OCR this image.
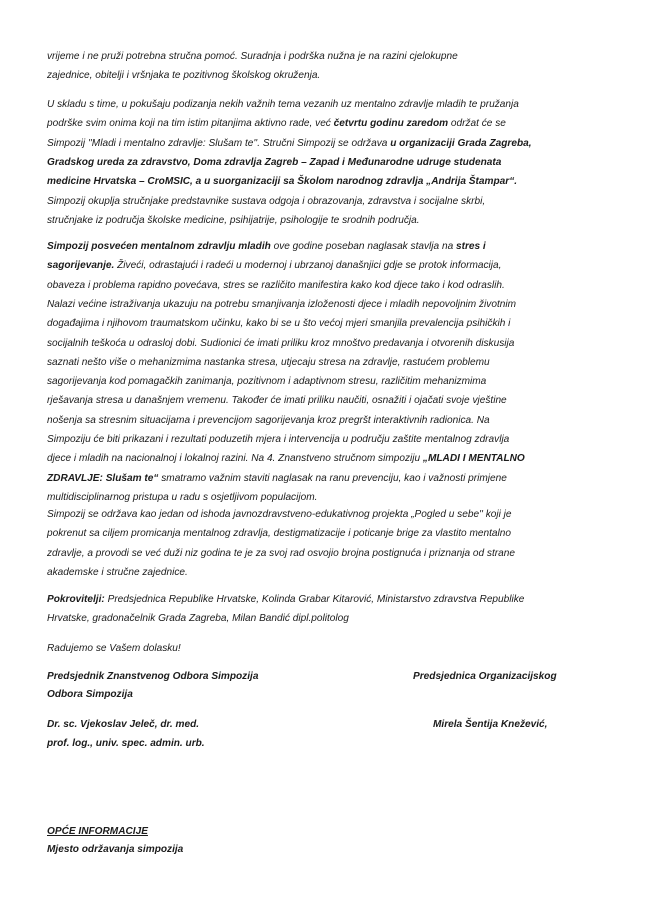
vrijeme i ne pruži potrebna stručna pomoć. Suradnja i podrška nužna je na razini cjelokupne
zajednice, obitelji i vršnjaka te pozitivnog školskog okruženja.
U skladu s time, u pokušaju podizanja nekih važnih tema vezanih uz mentalno zdravlje mladih te pružanja
podrške svim onima koji na tim istim pitanjima aktivno rade, već četvrtu godinu zaredom održat će se
Simpozij ''Mladi i mentalno zdravlje: Slušam te''. Stručni Simpozij se održava u organizaciji Grada Zagreba,
Gradskog ureda za zdravstvo, Doma zdravlja Zagreb – Zapad i Međunarodne udruge studenata
medicine Hrvatska – CroMSIC, a u suorganizaciji sa Školom narodnog zdravlja „Andrija Štampar“.
Simpozij okuplja stručnjake predstavnike sustava odgoja i obrazovanja, zdravstva i socijalne skrbi,
stručnjake iz područja školske medicine, psihijatrije, psihologije te srodnih područja.
Simpozij posvećen mentalnom zdravlju mladih ove godine poseban naglasak stavlja na stres i
sagorijevanje. Živeći, odrastajući i radeći u modernoj i ubrzanoj današnjici gdje se protok informacija,
obaveza i problema rapidno povećava, stres se različito manifestira kako kod djece tako i kod odraslih.
Nalazi većine istraživanja ukazuju na potrebu smanjivanja izloženosti djece i mladih nepovoljnim životnim
događajima i njihovom traumatskom učinku, kako bi se u što većoj mjeri smanjila prevalencija psihičkih i
socijalnih teškoća u odrasloj dobi. Sudionici će imati priliku kroz mnoštvo predavanja i otvorenih diskusija
saznati nešto više o mehanizmima nastanka stresa, utjecaju stresa na zdravlje, rastućem problemu
sagorijevanja kod pomagačkih zanimanja, pozitivnom i adaptivnom stresu, različitim mehanizmima
rješavanja stresa u današnjem vremenu. Također će imati priliku naučiti, osnažiti i ojačati svoje vještine
nošenja sa stresnim situacijama i prevencijom sagorijevanja kroz pregršt interaktivnih radionica. Na
Simpoziju će biti prikazani i rezultati poduzetih mjera i intervencija u području zaštite mentalnog zdravlja
djece i mladih na nacionalnoj i lokalnoj razini. Na 4. Znanstveno stručnom simpoziju „MLADI I MENTALNO
ZDRAVLJE: Slušam te“ smatramo važnim staviti naglasak na ranu prevenciju, kao i važnosti primjene
multidisciplinarnog pristupa u radu s osjetljivom populacijom.
Simpozij se održava kao jedan od ishoda javnozdravstveno-edukativnog projekta „Pogled u sebe'' koji je
pokrenut sa ciljem promicanja mentalnog zdravlja, destigmatizacije i poticanje brige za vlastito mentalno
zdravlje, a provodi se već duži niz godina te je za svoj rad osvojio brojna postignuća i priznanja od strane
akademske i stručne zajednice.
Pokrovitelji: Predsjednica Republike Hrvatske, Kolinda Grabar Kitarović, Ministarstvo zdravstva Republike
Hrvatske, gradonačelnik Grada Zagreba, Milan Bandić dipl.politolog
Radujemo se Vašem dolasku!
Predsjednik Znanstvenog Odbora Simpozija
Odbora Simpozija
Predsjednica Organizacijskog
Dr. sc. Vjekoslav Jeleč, dr. med.
prof. log., univ. spec. admin. urb.
Mirela Šentija Knežević,
OPĆE INFORMACIJE
Mjesto održavanja simpozija
